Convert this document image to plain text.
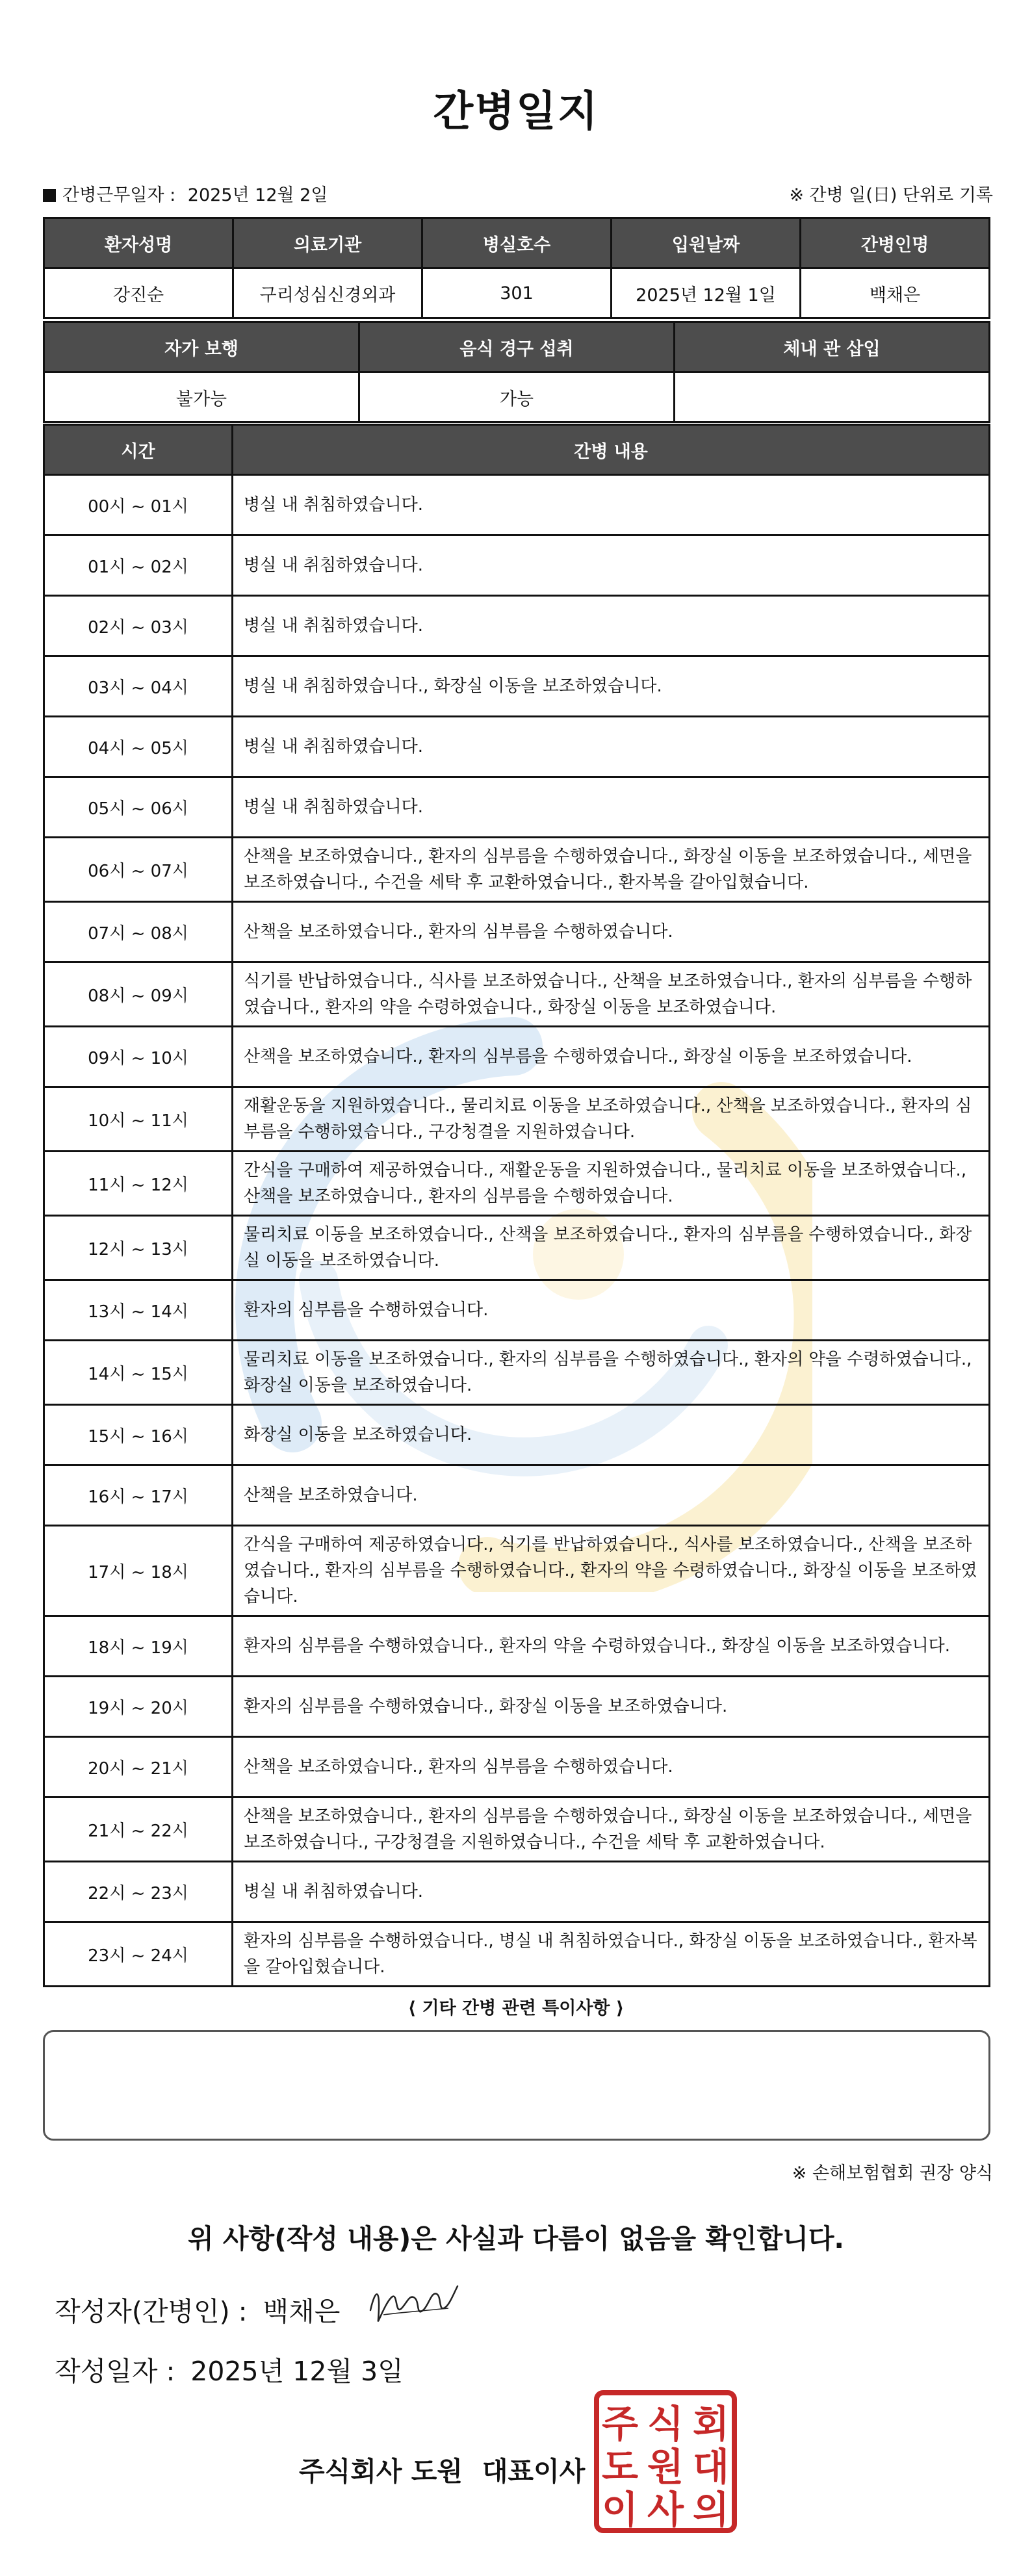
간병일지
간병근무일자 : 2025년 12월 2일	※ 간병 일(日) 단위로 기록
환자성명	의료기관	병실호수	입원날짜	간병인명
강진순	구리성심신경외과	301	2025년 12월 1일	백채은
자가 보행	음식 경구 섭취	체내 관 삽입
불가능	가능	
시간	간병 내용
00시 ~ 01시	병실 내 취침하였습니다.
01시 ~ 02시	병실 내 취침하였습니다.
02시 ~ 03시	병실 내 취침하였습니다.
03시 ~ 04시	병실 내 취침하였습니다., 화장실 이동을 보조하였습니다.
04시 ~ 05시	병실 내 취침하였습니다.
05시 ~ 06시	병실 내 취침하였습니다.
06시 ~ 07시	산책을 보조하였습니다., 환자의 심부름을 수행하였습니다., 화장실 이동을 보조하였습니다., 세면을 보조하였습니다., 수건을 세탁 후 교환하였습니다., 환자복을 갈아입혔습니다.
07시 ~ 08시	산책을 보조하였습니다., 환자의 심부름을 수행하였습니다.
08시 ~ 09시	식기를 반납하였습니다., 식사를 보조하였습니다., 산책을 보조하였습니다., 환자의 심부름을 수행하였습니다., 환자의 약을 수령하였습니다., 화장실 이동을 보조하였습니다.
09시 ~ 10시	산책을 보조하였습니다., 환자의 심부름을 수행하였습니다., 화장실 이동을 보조하였습니다.
10시 ~ 11시	재활운동을 지원하였습니다., 물리치료 이동을 보조하였습니다., 산책을 보조하였습니다., 환자의 심부름을 수행하였습니다., 구강청결을 지원하였습니다.
11시 ~ 12시	간식을 구매하여 제공하였습니다., 재활운동을 지원하였습니다., 물리치료 이동을 보조하였습니다., 산책을 보조하였습니다., 환자의 심부름을 수행하였습니다.
12시 ~ 13시	물리치료 이동을 보조하였습니다., 산책을 보조하였습니다., 환자의 심부름을 수행하였습니다., 화장실 이동을 보조하였습니다.
13시 ~ 14시	환자의 심부름을 수행하였습니다.
14시 ~ 15시	물리치료 이동을 보조하였습니다., 환자의 심부름을 수행하였습니다., 환자의 약을 수령하였습니다., 화장실 이동을 보조하였습니다.
15시 ~ 16시	화장실 이동을 보조하였습니다.
16시 ~ 17시	산책을 보조하였습니다.
17시 ~ 18시	간식을 구매하여 제공하였습니다., 식기를 반납하였습니다., 식사를 보조하였습니다., 산책을 보조하였습니다., 환자의 심부름을 수행하였습니다., 환자의 약을 수령하였습니다., 화장실 이동을 보조하였습니다.
18시 ~ 19시	환자의 심부름을 수행하였습니다., 환자의 약을 수령하였습니다., 화장실 이동을 보조하였습니다.
19시 ~ 20시	환자의 심부름을 수행하였습니다., 화장실 이동을 보조하였습니다.
20시 ~ 21시	산책을 보조하였습니다., 환자의 심부름을 수행하였습니다.
21시 ~ 22시	산책을 보조하였습니다., 환자의 심부름을 수행하였습니다., 화장실 이동을 보조하였습니다., 세면을 보조하였습니다., 구강청결을 지원하였습니다., 수건을 세탁 후 교환하였습니다.
22시 ~ 23시	병실 내 취침하였습니다.
23시 ~ 24시	환자의 심부름을 수행하였습니다., 병실 내 취침하였습니다., 화장실 이동을 보조하였습니다., 환자복을 갈아입혔습니다.
⟨ 기타 간병 관련 특이사항 ⟩
※ 손해보험협회 권장 양식
위 사항(작성 내용)은 사실과 다름이 없음을 확인합니다.
작성자(간병인) : 백채은
작성일자 : 2025년 12월 3일
주식회사 도원 대표이사
주 식 회
도 원 대
이 사 의
